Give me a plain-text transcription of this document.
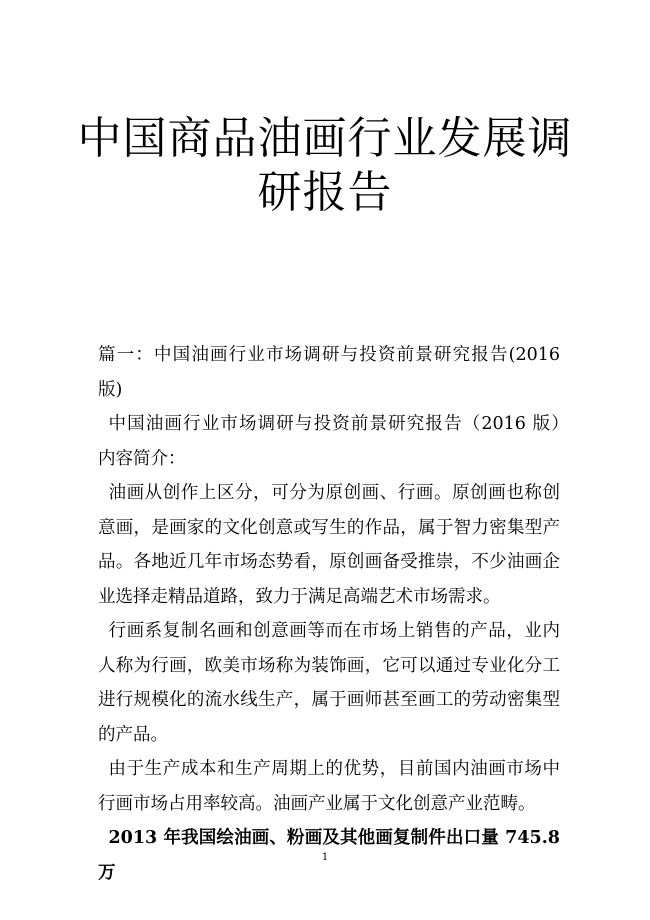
中国商品油画行业发展调
研报告

篇一：中国油画行业市场调研与投资前景研究报告(2016 版)

中国油画行业市场调研与投资前景研究报告（2016 版）　内容简介：

油画从创作上区分，可分为原创画、行画。原创画也称创意画，是画家的文化创意或写生的作品，属于智力密集型产品。各地近几年市场态势看，原创画备受推崇，不少油画企业选择走精品道路，致力于满足高端艺术市场需求。

行画系复制名画和创意画等而在市场上销售的产品，业内人称为行画，欧美市场称为装饰画，它可以通过专业化分工进行规模化的流水线生产，属于画师甚至画工的劳动密集型的产品。

由于生产成本和生产周期上的优势，目前国内油画市场中行画市场占用率较高。油画产业属于文化创意产业范畴。

2013 年我国绘油画、粉画及其他画复制件出口量 745.8 万

1
